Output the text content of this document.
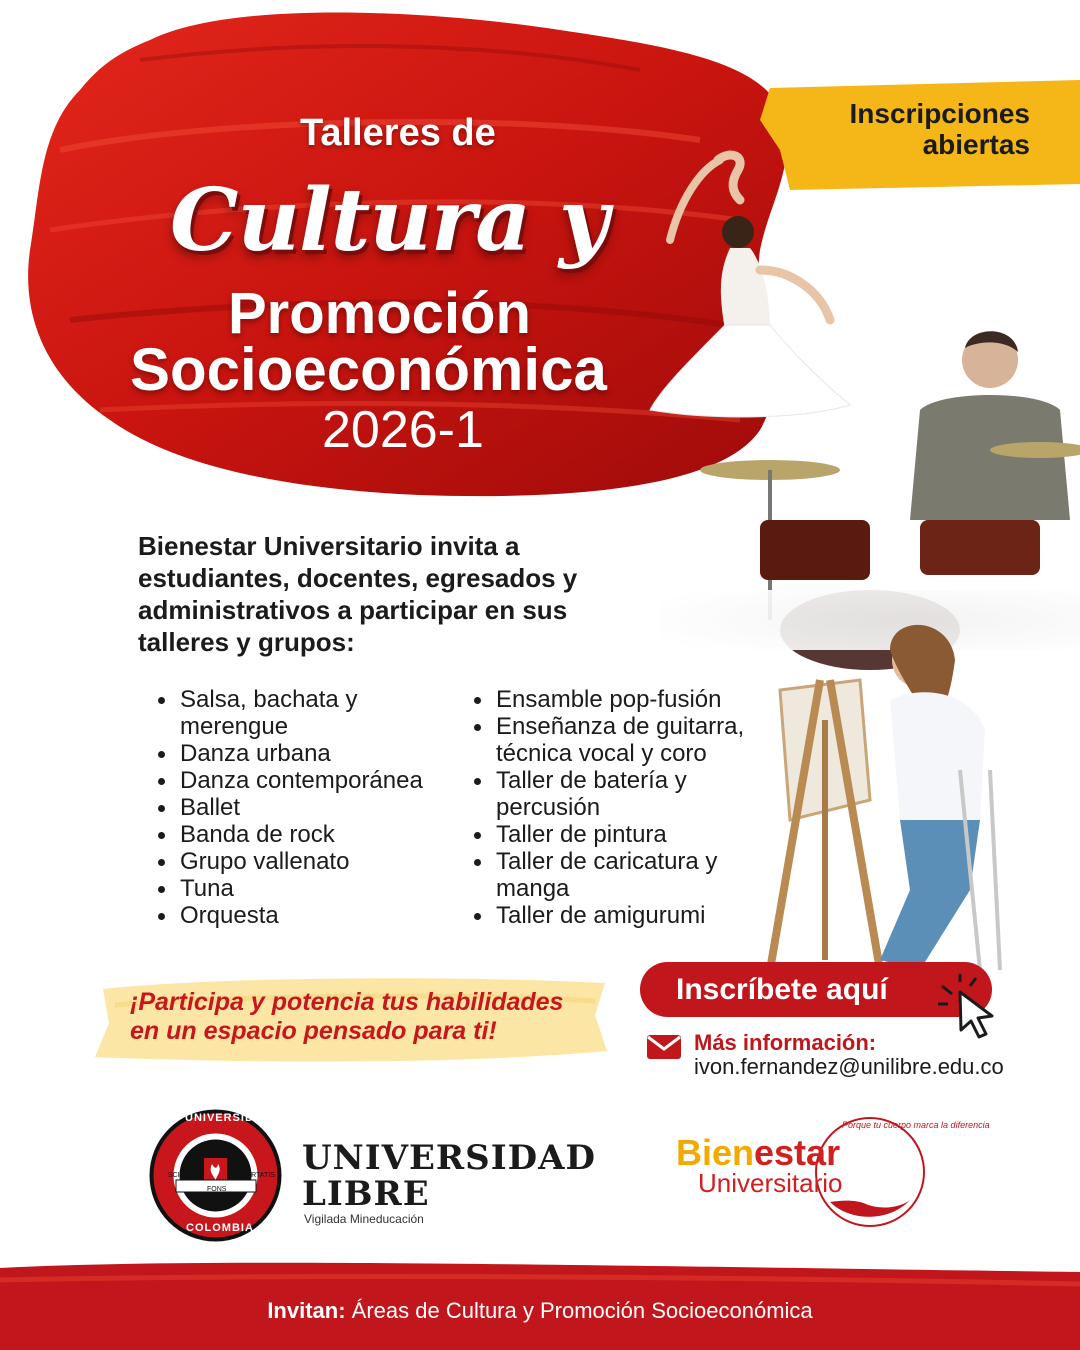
Talleres de
Cultura y
Promoción
Socioeconómica
2026-1
Inscripciones
abiertas
Bienestar Universitario invita a estudiantes, docentes, egresados y administrativos a participar en sus talleres y grupos:
Salsa, bachata y merengue
Danza urbana
Danza contemporánea
Ballet
Banda de rock
Grupo vallenato
Tuna
Orquesta
Ensamble pop-fusión
Enseñanza de guitarra, técnica vocal y coro
Taller de batería y percusión
Taller de pintura
Taller de caricatura y manga
Taller de amigurumi
¡Participa y potencia tus habilidades
en un espacio pensado para ti!
Inscríbete aquí
Más información:
ivon.fernandez@unilibre.edu.co
UNIVERSIDAD LIBRE
COLOMBIA
SCIENTIA	LIBERTATIS
FONS
UNIVERSIDAD
LIBRE
Vigilada Mineducación
Porque tu cuerpo marca la diferencia
Bienestar
Universitario
Invitan: Áreas de Cultura y Promoción Socioeconómica
